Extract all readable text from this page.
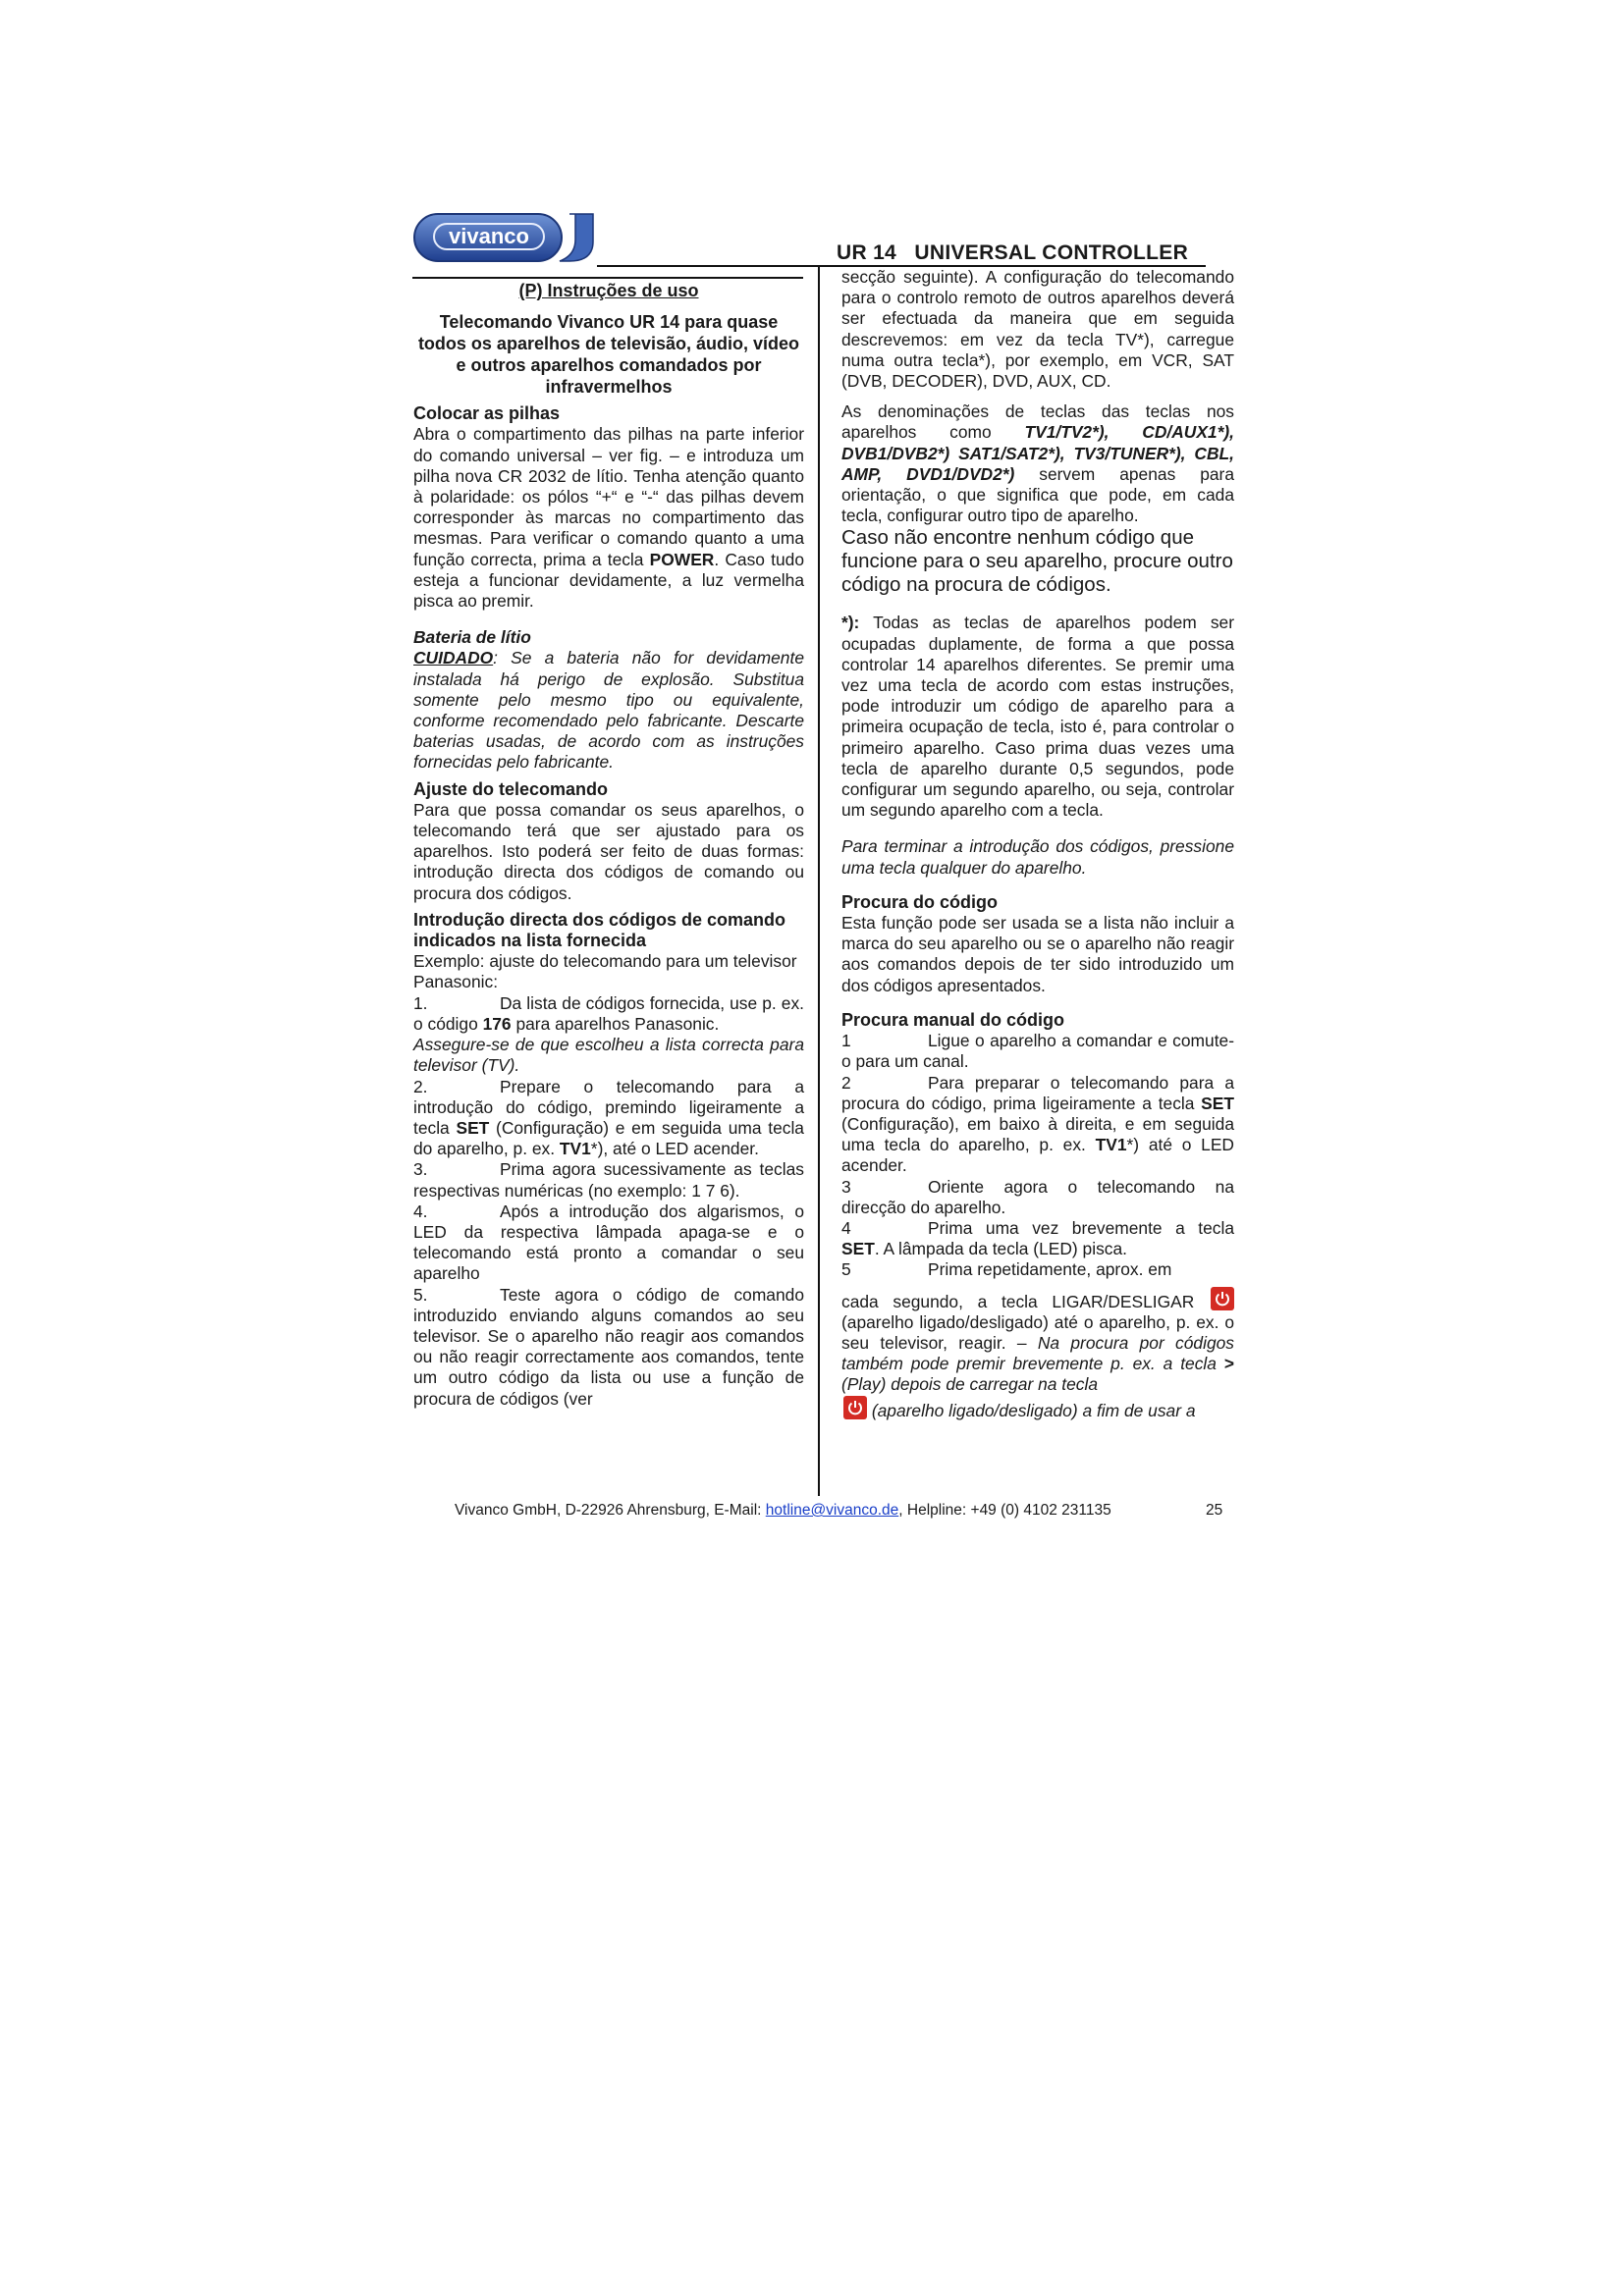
vivanco
UR 14   UNIVERSAL CONTROLLER

(P) Instruções de uso

Telecomando Vivanco UR 14 para quase todos os aparelhos de televisão, áudio, vídeo e outros aparelhos comandados por infravermelhos

Colocar as pilhas

Abra o compartimento das pilhas na parte inferior do comando universal – ver fig. – e introduza um pilha nova CR 2032 de lítio. Tenha atenção quanto à polaridade: os pólos “+“ e “-“ das pilhas devem corresponder às marcas no compartimento das mesmas. Para verificar o comando quanto a uma função correcta, prima a tecla POWER. Caso tudo esteja a funcionar devidamente, a luz vermelha pisca ao premir.

Bateria de lítio

CUIDADO: Se a bateria não for devidamente instalada há perigo de explosão. Substitua somente pelo mesmo tipo ou equivalente, conforme recomendado pelo fabricante. Descarte baterias usadas, de acordo com as instruções fornecidas pelo fabricante.

Ajuste do telecomando

Para que possa comandar os seus aparelhos, o telecomando terá que ser ajustado para os aparelhos. Isto poderá ser feito de duas formas: introdução directa dos códigos de comando ou procura dos códigos.

Introdução directa dos códigos de comando indicados na lista fornecida

Exemplo: ajuste do telecomando para um televisor Panasonic:

1.	Da lista de códigos fornecida, use p. ex. o código 176 para aparelhos Panasonic.

Assegure-se de que escolheu a lista correcta para televisor (TV).

2.	Prepare o telecomando para a introdução do código, premindo ligeiramente a tecla SET (Configuração) e em seguida uma tecla do aparelho, p. ex. TV1*), até o LED acender.

3.	Prima agora sucessivamente as teclas respectivas numéricas (no exemplo: 1 7 6).

4.	Após a introdução dos algarismos, o LED da respectiva lâmpada apaga-se e o telecomando está pronto a comandar o seu aparelho

5.	Teste agora o código de comando introduzido enviando alguns comandos ao seu televisor. Se o aparelho não reagir aos comandos ou não reagir correctamente aos comandos, tente um outro código da lista ou use a função de procura de códigos (ver

secção seguinte). A configuração do telecomando para o controlo remoto de outros aparelhos deverá ser efectuada da maneira que em seguida descrevemos: em vez da tecla TV*), carregue numa outra tecla*), por exemplo, em VCR, SAT (DVB, DECODER), DVD, AUX, CD.

As denominações de teclas das teclas nos aparelhos como TV1/TV2*), CD/AUX1*), DVB1/DVB2*) SAT1/SAT2*), TV3/TUNER*), CBL, AMP, DVD1/DVD2*) servem apenas para orientação, o que significa que pode, em cada tecla, configurar outro tipo de aparelho.

Caso não encontre nenhum código que funcione para o seu aparelho, procure outro código na procura de códigos.

*): Todas as teclas de aparelhos podem ser ocupadas duplamente, de forma a que possa controlar 14 aparelhos diferentes. Se premir uma vez uma tecla de acordo com estas instruções, pode introduzir um código de aparelho para a primeira ocupação de tecla, isto é, para controlar o primeiro aparelho. Caso prima duas vezes uma tecla de aparelho durante 0,5 segundos, pode configurar um segundo aparelho, ou seja, controlar um segundo aparelho com a tecla.

Para terminar a introdução dos códigos, pressione uma tecla qualquer do aparelho.

Procura do código

Esta função pode ser usada se a lista não incluir a marca do seu aparelho ou se o aparelho não reagir aos comandos depois de ter sido introduzido um dos códigos apresentados.

Procura manual do código

1	Ligue o aparelho a comandar e comute-o para um canal.

2	Para preparar o telecomando para a procura do código, prima ligeiramente a tecla SET (Configuração), em baixo à direita, e em seguida uma tecla do aparelho, p. ex. TV1*) até o LED acender.

3	Oriente agora o telecomando na direcção do aparelho.

4	Prima uma vez brevemente a tecla SET. A lâmpada da tecla (LED) pisca.

5	Prima repetidamente, aprox. em

cada segundo, a tecla LIGAR/DESLIGAR
(aparelho ligado/desligado) até o aparelho, p. ex. o seu televisor, reagir. – Na procura por códigos também pode premir brevemente p. ex. a tecla > (Play) depois de carregar na tecla

(aparelho ligado/desligado) a fim de usar a

Vivanco GmbH, D-22926 Ahrensburg, E-Mail: hotline@vivanco.de, Helpline: +49 (0) 4102 231135	25
